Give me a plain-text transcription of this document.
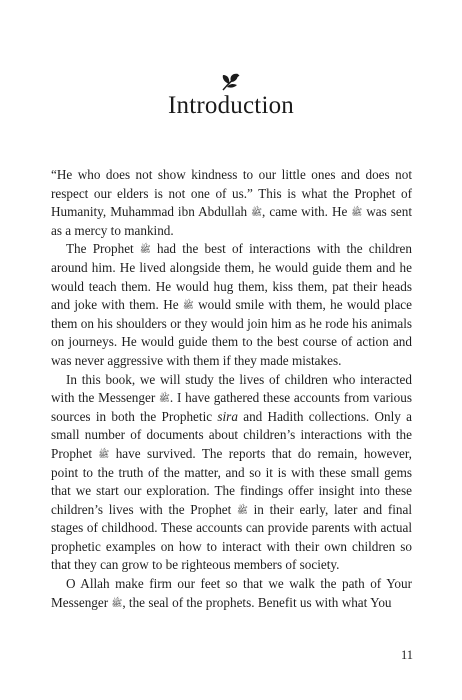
Introduction

“He who does not show kindness to our little ones and does not respect our elders is not one of us.” This is what the Prophet of Humanity, Muhammad ibn Abdullah ﷺ, came with. He ﷺ was sent as a mercy to mankind.

The Prophet ﷺ had the best of interactions with the children around him. He lived alongside them, he would guide them and he would teach them. He would hug them, kiss them, pat their heads and joke with them. He ﷺ would smile with them, he would place them on his shoulders or they would join him as he rode his animals on journeys. He would guide them to the best course of action and was never aggressive with them if they made mistakes.

In this book, we will study the lives of children who interacted with the Messenger ﷺ. I have gathered these accounts from various sources in both the Prophetic sira and Hadith collections. Only a small number of documents about children’s interactions with the Prophet ﷺ have survived. The reports that do remain, however, point to the truth of the matter, and so it is with these small gems that we start our exploration. The findings offer insight into these children’s lives with the Prophet ﷺ in their early, later and final stages of childhood. These accounts can provide parents with actual prophetic examples on how to interact with their own children so that they can grow to be righteous members of society.

O Allah make firm our feet so that we walk the path of Your Messenger ﷺ, the seal of the prophets. Benefit us with what You

11
